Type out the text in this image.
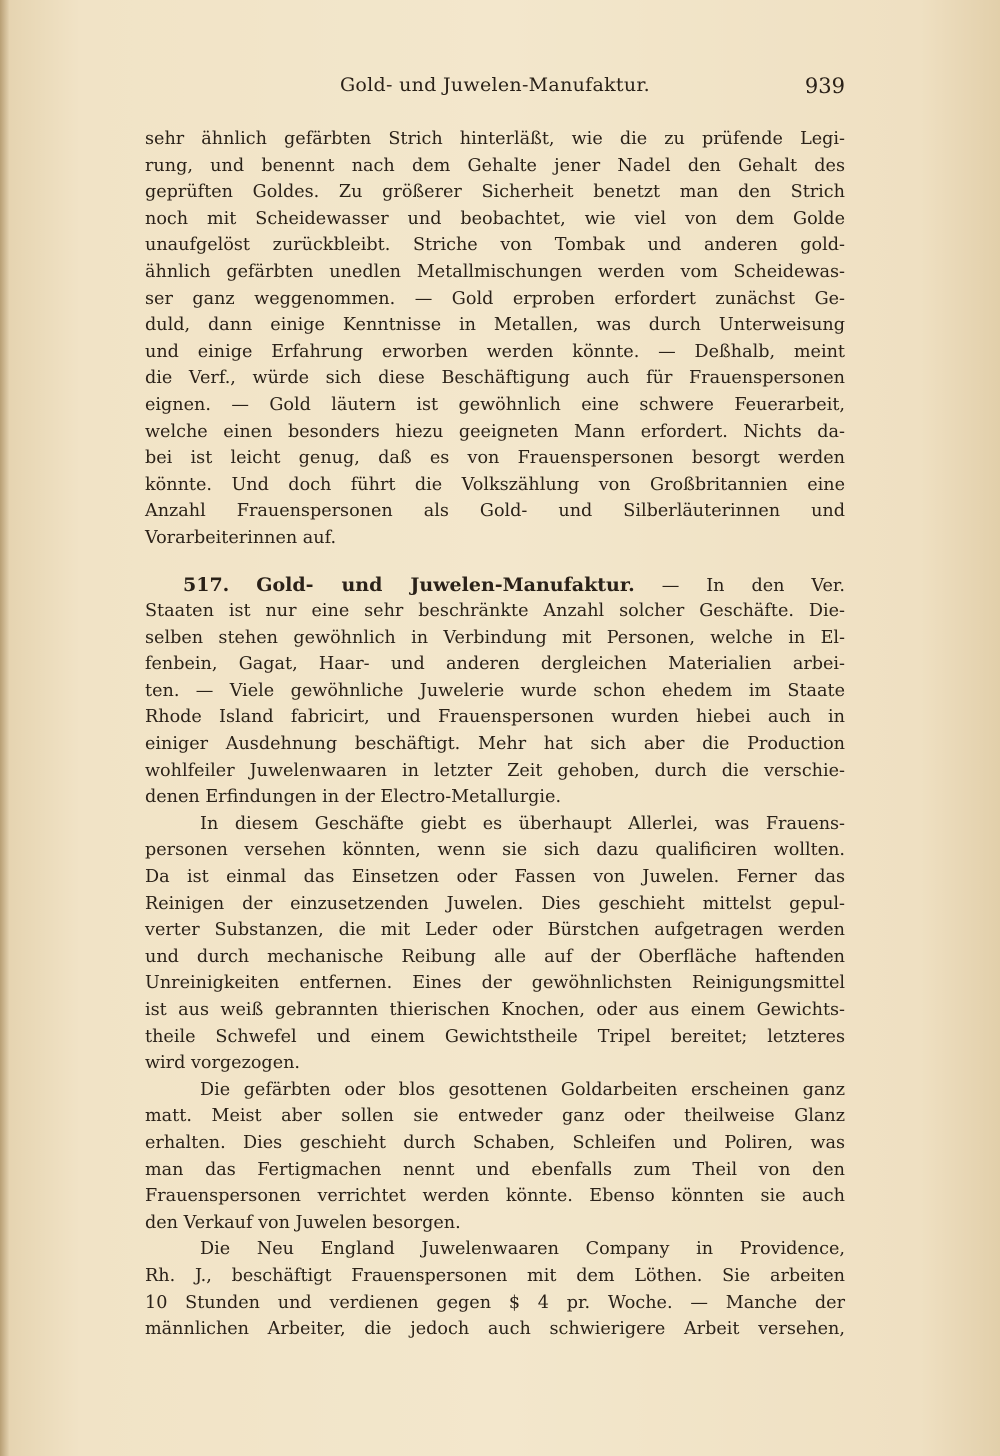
Gold- und Juwelen-Manufaktur.	939
sehr ähnlich gefärbten Strich hinterläßt, wie die zu prüfende Legi-
rung, und benennt nach dem Gehalte jener Nadel den Gehalt des
geprüften Goldes. Zu größerer Sicherheit benetzt man den Strich
noch mit Scheidewasser und beobachtet, wie viel von dem Golde
unaufgelöst zurückbleibt. Striche von Tombak und anderen gold-
ähnlich gefärbten unedlen Metallmischungen werden vom Scheidewas-
ser ganz weggenommen. — Gold erproben erfordert zunächst Ge-
duld, dann einige Kenntnisse in Metallen, was durch Unterweisung
und einige Erfahrung erworben werden könnte. — Deßhalb, meint
die Verf., würde sich diese Beschäftigung auch für Frauenspersonen
eignen. — Gold läutern ist gewöhnlich eine schwere Feuerarbeit,
welche einen besonders hiezu geeigneten Mann erfordert. Nichts da-
bei ist leicht genug, daß es von Frauenspersonen besorgt werden
könnte. Und doch führt die Volkszählung von Großbritannien eine
Anzahl Frauenspersonen als Gold- und Silberläuterinnen und
Vorarbeiterinnen auf.
517. Gold- und Juwelen-Manufaktur. — In den Ver.
Staaten ist nur eine sehr beschränkte Anzahl solcher Geschäfte. Die-
selben stehen gewöhnlich in Verbindung mit Personen, welche in El-
fenbein, Gagat, Haar- und anderen dergleichen Materialien arbei-
ten. — Viele gewöhnliche Juwelerie wurde schon ehedem im Staate
Rhode Island fabricirt, und Frauenspersonen wurden hiebei auch in
einiger Ausdehnung beschäftigt. Mehr hat sich aber die Production
wohlfeiler Juwelenwaaren in letzter Zeit gehoben, durch die verschie-
denen Erfindungen in der Electro-Metallurgie.
In diesem Geschäfte giebt es überhaupt Allerlei, was Frauens-
personen versehen könnten, wenn sie sich dazu qualificiren wollten.
Da ist einmal das Einsetzen oder Fassen von Juwelen. Ferner das
Reinigen der einzusetzenden Juwelen. Dies geschieht mittelst gepul-
verter Substanzen, die mit Leder oder Bürstchen aufgetragen werden
und durch mechanische Reibung alle auf der Oberfläche haftenden
Unreinigkeiten entfernen. Eines der gewöhnlichsten Reinigungsmittel
ist aus weiß gebrannten thierischen Knochen, oder aus einem Gewichts-
theile Schwefel und einem Gewichtstheile Tripel bereitet; letzteres
wird vorgezogen.
Die gefärbten oder blos gesottenen Goldarbeiten erscheinen ganz
matt. Meist aber sollen sie entweder ganz oder theilweise Glanz
erhalten. Dies geschieht durch Schaben, Schleifen und Poliren, was
man das Fertigmachen nennt und ebenfalls zum Theil von den
Frauenspersonen verrichtet werden könnte. Ebenso könnten sie auch
den Verkauf von Juwelen besorgen.
Die Neu England Juwelenwaaren Company in Providence,
Rh. J., beschäftigt Frauenspersonen mit dem Löthen. Sie arbeiten
10 Stunden und verdienen gegen $ 4 pr. Woche. — Manche der
männlichen Arbeiter, die jedoch auch schwierigere Arbeit versehen,
